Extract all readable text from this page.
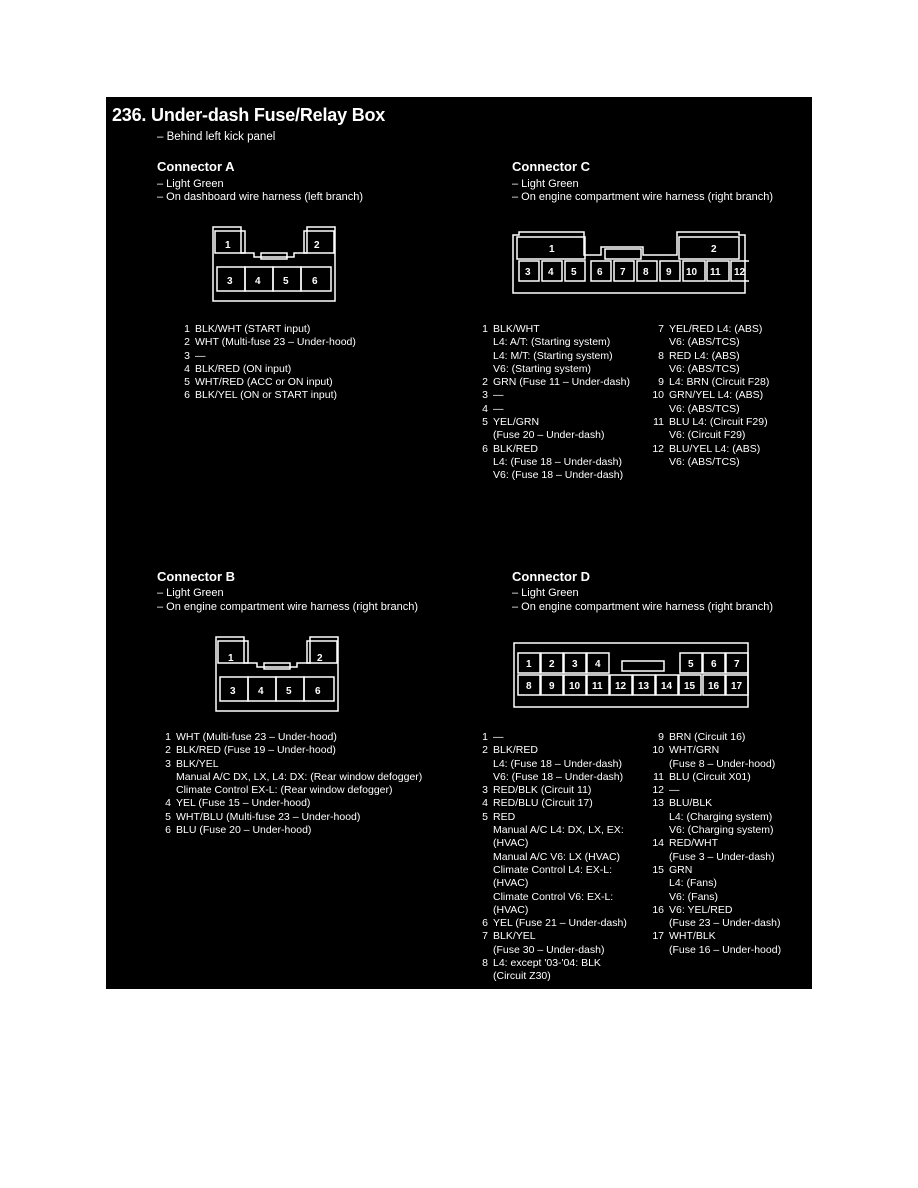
236. Under-dash Fuse/Relay Box
– Behind left kick panel
Connector A
– Light Green
– On dashboard wire harness (left branch)
1	2
3 4 5 6
1 BLK/WHT (START input)
2 WHT (Multi-fuse 23 – Under-hood)
3 —
4 BLK/RED (ON input)
5 WHT/RED (ACC or ON input)
6 BLK/YEL (ON or START input)
Connector C
– Light Green
– On engine compartment wire harness (right branch)
1	2
3 4 5 6 7 8 9 10 11 12
1 BLK/WHT
L4: A/T: (Starting system)
L4: M/T: (Starting system)
V6: (Starting system)
2 GRN (Fuse 11 – Under-dash)
3 —
4 —
5 YEL/GRN
(Fuse 20 – Under-dash)
6 BLK/RED
L4: (Fuse 18 – Under-dash)
V6: (Fuse 18 – Under-dash)
7 YEL/RED L4: (ABS)
V6: (ABS/TCS)
8 RED L4: (ABS)
V6: (ABS/TCS)
9 L4: BRN (Circuit F28)
10 GRN/YEL L4: (ABS)
V6: (ABS/TCS)
11 BLU L4: (Circuit F29)
V6: (Circuit F29)
12 BLU/YEL L4: (ABS)
V6: (ABS/TCS)
Connector B
– Light Green
– On engine compartment wire harness (right branch)
1	2
3 4 5 6
1 WHT (Multi-fuse 23 – Under-hood)
2 BLK/RED (Fuse 19 – Under-hood)
3 BLK/YEL
Manual A/C DX, LX, L4: DX: (Rear window defogger)
Climate Control EX-L: (Rear window defogger)
4 YEL (Fuse 15 – Under-hood)
5 WHT/BLU (Multi-fuse 23 – Under-hood)
6 BLU (Fuse 20 – Under-hood)
Connector D
– Light Green
– On engine compartment wire harness (right branch)
1 2 3 4	5 6 7
8 9 10 11 12 13 14 15 16 17
1 —
2 BLK/RED
L4: (Fuse 18 – Under-dash)
V6: (Fuse 18 – Under-dash)
3 RED/BLK (Circuit 11)
4 RED/BLU (Circuit 17)
5 RED
Manual A/C L4: DX, LX, EX:
(HVAC)
Manual A/C V6: LX (HVAC)
Climate Control L4: EX-L:
(HVAC)
Climate Control V6: EX-L:
(HVAC)
6 YEL (Fuse 21 – Under-dash)
7 BLK/YEL
(Fuse 30 – Under-dash)
8 L4: except '03-'04: BLK
(Circuit Z30)
9 BRN (Circuit 16)
10 WHT/GRN
(Fuse 8 – Under-hood)
11 BLU (Circuit X01)
12 —
13 BLU/BLK
L4: (Charging system)
V6: (Charging system)
14 RED/WHT
(Fuse 3 – Under-dash)
15 GRN
L4: (Fans)
V6: (Fans)
16 V6: YEL/RED
(Fuse 23 – Under-dash)
17 WHT/BLK
(Fuse 16 – Under-hood)
